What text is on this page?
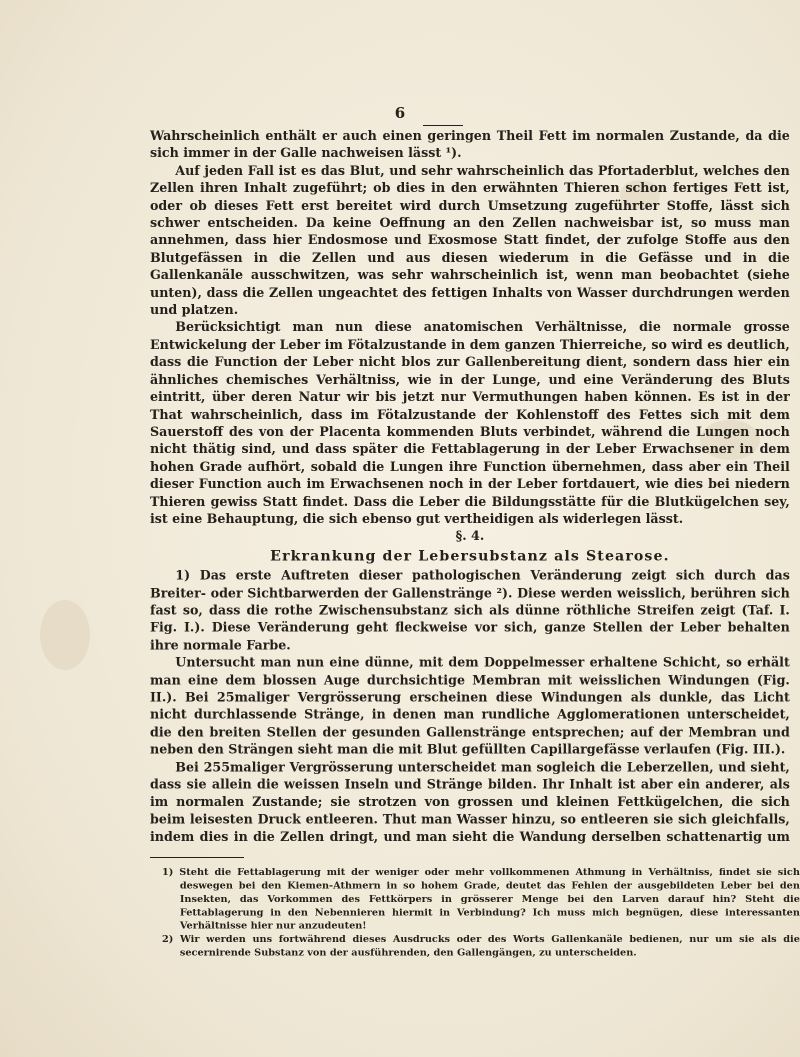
6

Wahrscheinlich enthält er auch einen geringen Theil Fett im normalen Zustande, da die sich immer in der Galle nachweisen lässt ¹).

Auf jeden Fall ist es das Blut, und sehr wahrscheinlich das Pfortaderblut, welches den Zellen ihren Inhalt zugeführt; ob dies in den erwähnten Thieren schon fertiges Fett ist, oder ob dieses Fett erst bereitet wird durch Umsetzung zugeführter Stoffe, lässt sich schwer entscheiden. Da keine Oeffnung an den Zellen nachweisbar ist, so muss man annehmen, dass hier Endosmose und Exosmose Statt findet, der zufolge Stoffe aus den Blutgefässen in die Zellen und aus diesen wiederum in die Gefässe und in die Gallenkanäle ausschwitzen, was sehr wahrscheinlich ist, wenn man beobachtet (siehe unten), dass die Zellen ungeachtet des fettigen Inhalts von Wasser durchdrungen werden und platzen.

Berücksichtigt man nun diese anatomischen Verhältnisse, die normale grosse Entwickelung der Leber im Fötalzustande in dem ganzen Thierreiche, so wird es deutlich, dass die Function der Leber nicht blos zur Gallenbereitung dient, sondern dass hier ein ähnliches chemisches Verhältniss, wie in der Lunge, und eine Veränderung des Bluts eintritt, über deren Natur wir bis jetzt nur Vermuthungen haben können. Es ist in der That wahrscheinlich, dass im Fötalzustande der Kohlenstoff des Fettes sich mit dem Sauerstoff des von der Placenta kommenden Bluts verbindet, während die Lungen noch nicht thätig sind, und dass später die Fettablagerung in der Leber Erwachsener in dem hohen Grade aufhört, sobald die Lungen ihre Function übernehmen, dass aber ein Theil dieser Function auch im Erwachsenen noch in der Leber fortdauert, wie dies bei niedern Thieren gewiss Statt findet. Dass die Leber die Bildungsstätte für die Blutkügelchen sey, ist eine Behauptung, die sich ebenso gut vertheidigen als widerlegen lässt.

§. 4.

Erkrankung der Lebersubstanz als Stearose.

1) Das erste Auftreten dieser pathologischen Veränderung zeigt sich durch das Breiter- oder Sichtbarwerden der Gallenstränge ²). Diese werden weisslich, berühren sich fast so, dass die rothe Zwischensubstanz sich als dünne röthliche Streifen zeigt (Taf. I. Fig. I.). Diese Veränderung geht fleckweise vor sich, ganze Stellen der Leber behalten ihre normale Farbe.

Untersucht man nun eine dünne, mit dem Doppelmesser erhaltene Schicht, so erhält man eine dem blossen Auge durchsichtige Membran mit weisslichen Windungen (Fig. II.). Bei 25maliger Vergrösserung erscheinen diese Windungen als dunkle, das Licht nicht durchlassende Stränge, in denen man rundliche Agglomerationen unterscheidet, die den breiten Stellen der gesunden Gallenstränge entsprechen; auf der Membran und neben den Strängen sieht man die mit Blut gefüllten Capillargefässe verlaufen (Fig. III.).

Bei 255maliger Vergrösserung unterscheidet man sogleich die Leberzellen, und sieht, dass sie allein die weissen Inseln und Stränge bilden. Ihr Inhalt ist aber ein anderer, als im normalen Zustande; sie strotzen von grossen und kleinen Fettkügelchen, die sich beim leisesten Druck entleeren. Thut man Wasser hinzu, so entleeren sie sich gleichfalls, indem dies in die Zellen dringt, und man sieht die Wandung derselben schattenartig um

1) Steht die Fettablagerung mit der weniger oder mehr vollkommenen Athmung in Verhältniss, findet sie sich deswegen bei den Kiemen-Athmern in so hohem Grade, deutet das Fehlen der ausgebildeten Leber bei den Insekten, das Vorkommen des Fettkörpers in grösserer Menge bei den Larven darauf hin? Steht die Fettablagerung in den Nebennieren hiermit in Verbindung? Ich muss mich begnügen, diese interessanten Verhältnisse hier nur anzudeuten!

2) Wir werden uns fortwährend dieses Ausdrucks oder des Worts Gallenkanäle bedienen, nur um sie als die secernirende Substanz von der ausführenden, den Gallengängen, zu unterscheiden.
